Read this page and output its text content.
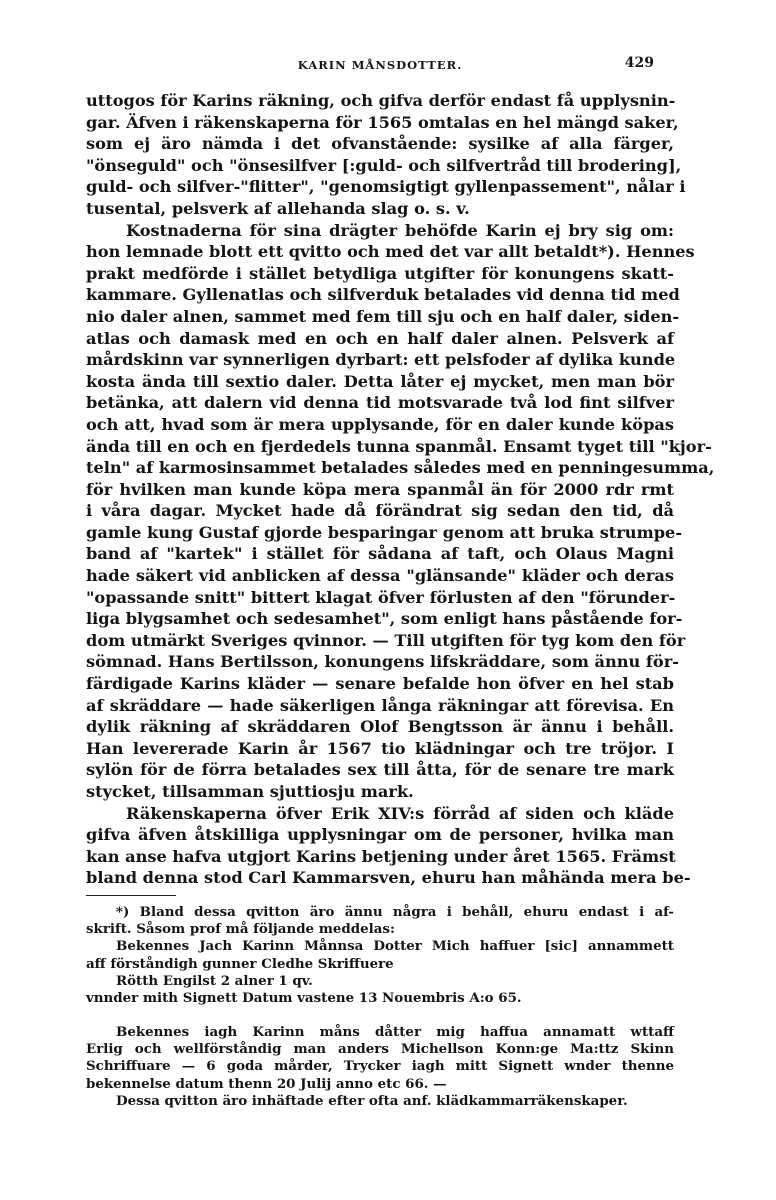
KARIN MÅNSDOTTER.	429
uttogos för Karins räkning, och gifva derför endast få upplysnin-
gar. Äfven i räkenskaperna för 1565 omtalas en hel mängd saker,
som ej äro nämda i det ofvanstående: sysilke af alla färger,
"önseguld" och "önsesilfver [:guld- och silfvertråd till brodering],
guld- och silfver-"flitter", "genomsigtigt gyllenpassement", nålar i
tusental, pelsverk af allehanda slag o. s. v.
Kostnaderna för sina drägter behöfde Karin ej bry sig om:
hon lemnade blott ett qvitto och med det var allt betaldt*). Hennes
prakt medförde i stället betydliga utgifter för konungens skatt-
kammare. Gyllenatlas och silfverduk betalades vid denna tid med
nio daler alnen, sammet med fem till sju och en half daler, siden-
atlas och damask med en och en half daler alnen. Pelsverk af
mårdskinn var synnerligen dyrbart: ett pelsfoder af dylika kunde
kosta ända till sextio daler. Detta låter ej mycket, men man bör
betänka, att dalern vid denna tid motsvarade två lod fint silfver
och att, hvad som är mera upplysande, för en daler kunde köpas
ända till en och en fjerdedels tunna spanmål. Ensamt tyget till "kjor-
teln" af karmosinsammet betalades således med en penningesumma,
för hvilken man kunde köpa mera spanmål än för 2000 rdr rmt
i våra dagar. Mycket hade då förändrat sig sedan den tid, då
gamle kung Gustaf gjorde besparingar genom att bruka strumpe-
band af "kartek" i stället för sådana af taft, och Olaus Magni
hade säkert vid anblicken af dessa "glänsande" kläder och deras
"opassande snitt" bittert klagat öfver förlusten af den "förunder-
liga blygsamhet och sedesamhet", som enligt hans påstående for-
dom utmärkt Sveriges qvinnor. — Till utgiften för tyg kom den för
sömnad. Hans Bertilsson, konungens lifskräddare, som ännu för-
färdigade Karins kläder — senare befalde hon öfver en hel stab
af skräddare — hade säkerligen långa räkningar att förevisa. En
dylik räkning af skräddaren Olof Bengtsson är ännu i behåll.
Han levererade Karin år 1567 tio klädningar och tre tröjor. I
sylön för de förra betalades sex till åtta, för de senare tre mark
stycket, tillsamman sjuttiosju mark.
Räkenskaperna öfver Erik XIV:s förråd af siden och kläde
gifva äfven åtskilliga upplysningar om de personer, hvilka man
kan anse hafva utgjort Karins betjening under året 1565. Främst
bland denna stod Carl Kammarsven, ehuru han måhända mera be-
*) Bland dessa qvitton äro ännu några i behåll, ehuru endast i af-
skrift. Såsom prof må följande meddelas:
Bekennes Jach Karinn Månnsa Dotter Mich haffuer [sic] annammett
aff förståndigh gunner Cledhe Skriffuere
Rötth Engilst 2 alner 1 qv.
vnnder mith Signett Datum vastene 13 Nouembris A:o 65.
Bekennes iagh Karinn måns dåtter mig haffua annamatt wttaff
Erlig och wellförståndig man anders Michellson Konn:ge Ma:ttz Skinn
Schriffuare — 6 goda mårder, Trycker iagh mitt Signett wnder thenne
bekennelse datum thenn 20 Julij anno etc 66. —
Dessa qvitton äro inhäftade efter ofta anf. klädkammarräkenskaper.
